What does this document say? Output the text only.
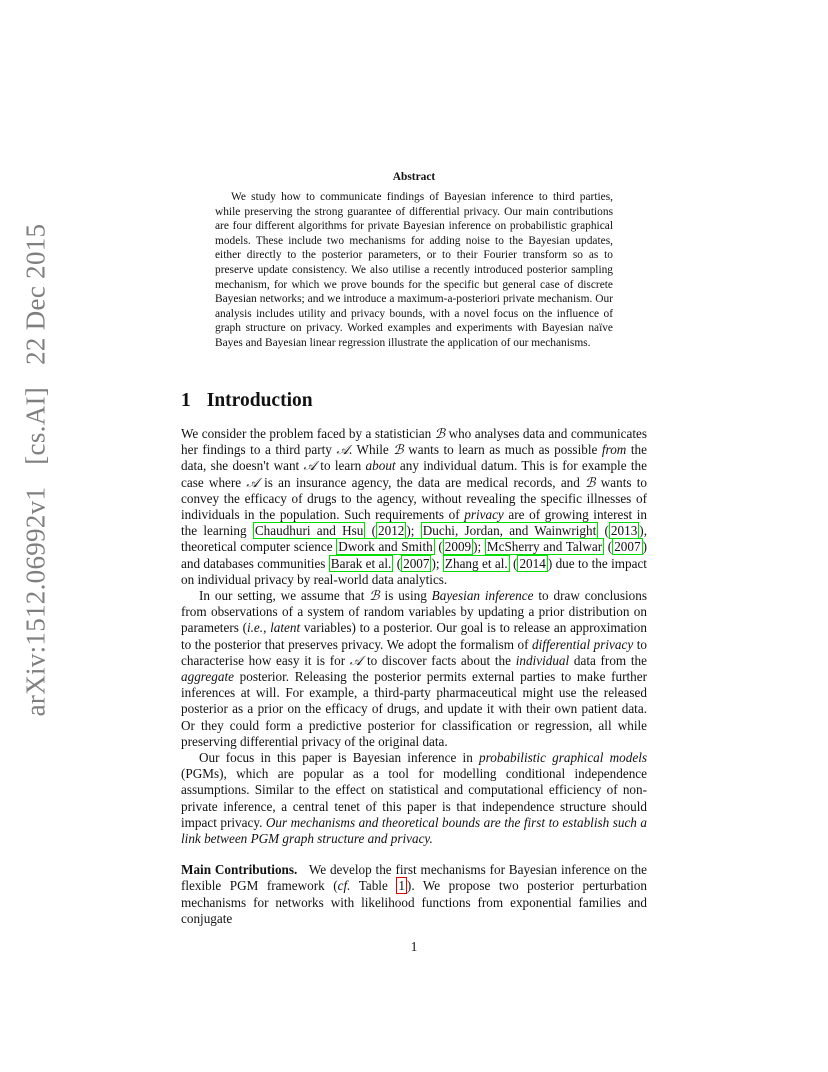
arXiv:1512.06992v1[cs.AI]22 Dec 2015
Abstract
We study how to communicate findings of Bayesian inference to third parties, while preserving the strong guarantee of differential privacy. Our main contributions are four different algorithms for private Bayesian inference on probabilistic graphical models. These include two mechanisms for adding noise to the Bayesian updates, either directly to the posterior parameters, or to their Fourier transform so as to preserve update consistency. We also utilise a recently introduced posterior sampling mechanism, for which we prove bounds for the specific but general case of discrete Bayesian networks; and we introduce a maximum-a-posteriori private mechanism. Our analysis includes utility and privacy bounds, with a novel focus on the influence of graph structure on privacy. Worked examples and experiments with Bayesian naïve Bayes and Bayesian linear regression illustrate the application of our mechanisms.
1 Introduction

We consider the problem faced by a statistician ℬ who analyses data and communicates her findings to a third party 𝒜. While ℬ wants to learn as much as possible from the data, she doesn't want 𝒜 to learn about any individual datum. This is for example the case where 𝒜 is an insurance agency, the data are medical records, and ℬ wants to convey the efficacy of drugs to the agency, without revealing the specific illnesses of individuals in the population. Such requirements of privacy are of growing interest in the learning Chaudhuri and Hsu ( 2012 ); Duchi, Jordan, and Wainwright ( 2013 ), theoretical computer science Dwork and Smith ( 2009 ); McSherry and Talwar ( 2007 ) and databases communities Barak et al. ( 2007 ); Zhang et al. ( 2014 ) due to the impact on individual privacy by real-world data analytics.

In our setting, we assume that ℬ is using Bayesian inference to draw conclusions from observations of a system of random variables by updating a prior distribution on parameters (i.e., latent variables) to a posterior. Our goal is to release an approximation to the posterior that preserves privacy. We adopt the formalism of differential privacy to characterise how easy it is for 𝒜 to discover facts about the individual data from the aggregate posterior. Releasing the posterior permits external parties to make further inferences at will. For example, a third-party pharmaceutical might use the released posterior as a prior on the efficacy of drugs, and update it with their own patient data. Or they could form a predictive posterior for classification or regression, all while preserving differential privacy of the original data.

Our focus in this paper is Bayesian inference in probabilistic graphical models (PGMs), which are popular as a tool for modelling conditional independence assumptions. Similar to the effect on statistical and computational efficiency of non-private inference, a central tenet of this paper is that independence structure should impact privacy. Our mechanisms and theoretical bounds are the first to establish such a link between PGM graph structure and privacy.

Main Contributions. We develop the first mechanisms for Bayesian inference on the flexible PGM framework (cf. Table 1 ). We propose two posterior perturbation mechanisms for networks with likelihood functions from exponential families and conjugate

1
